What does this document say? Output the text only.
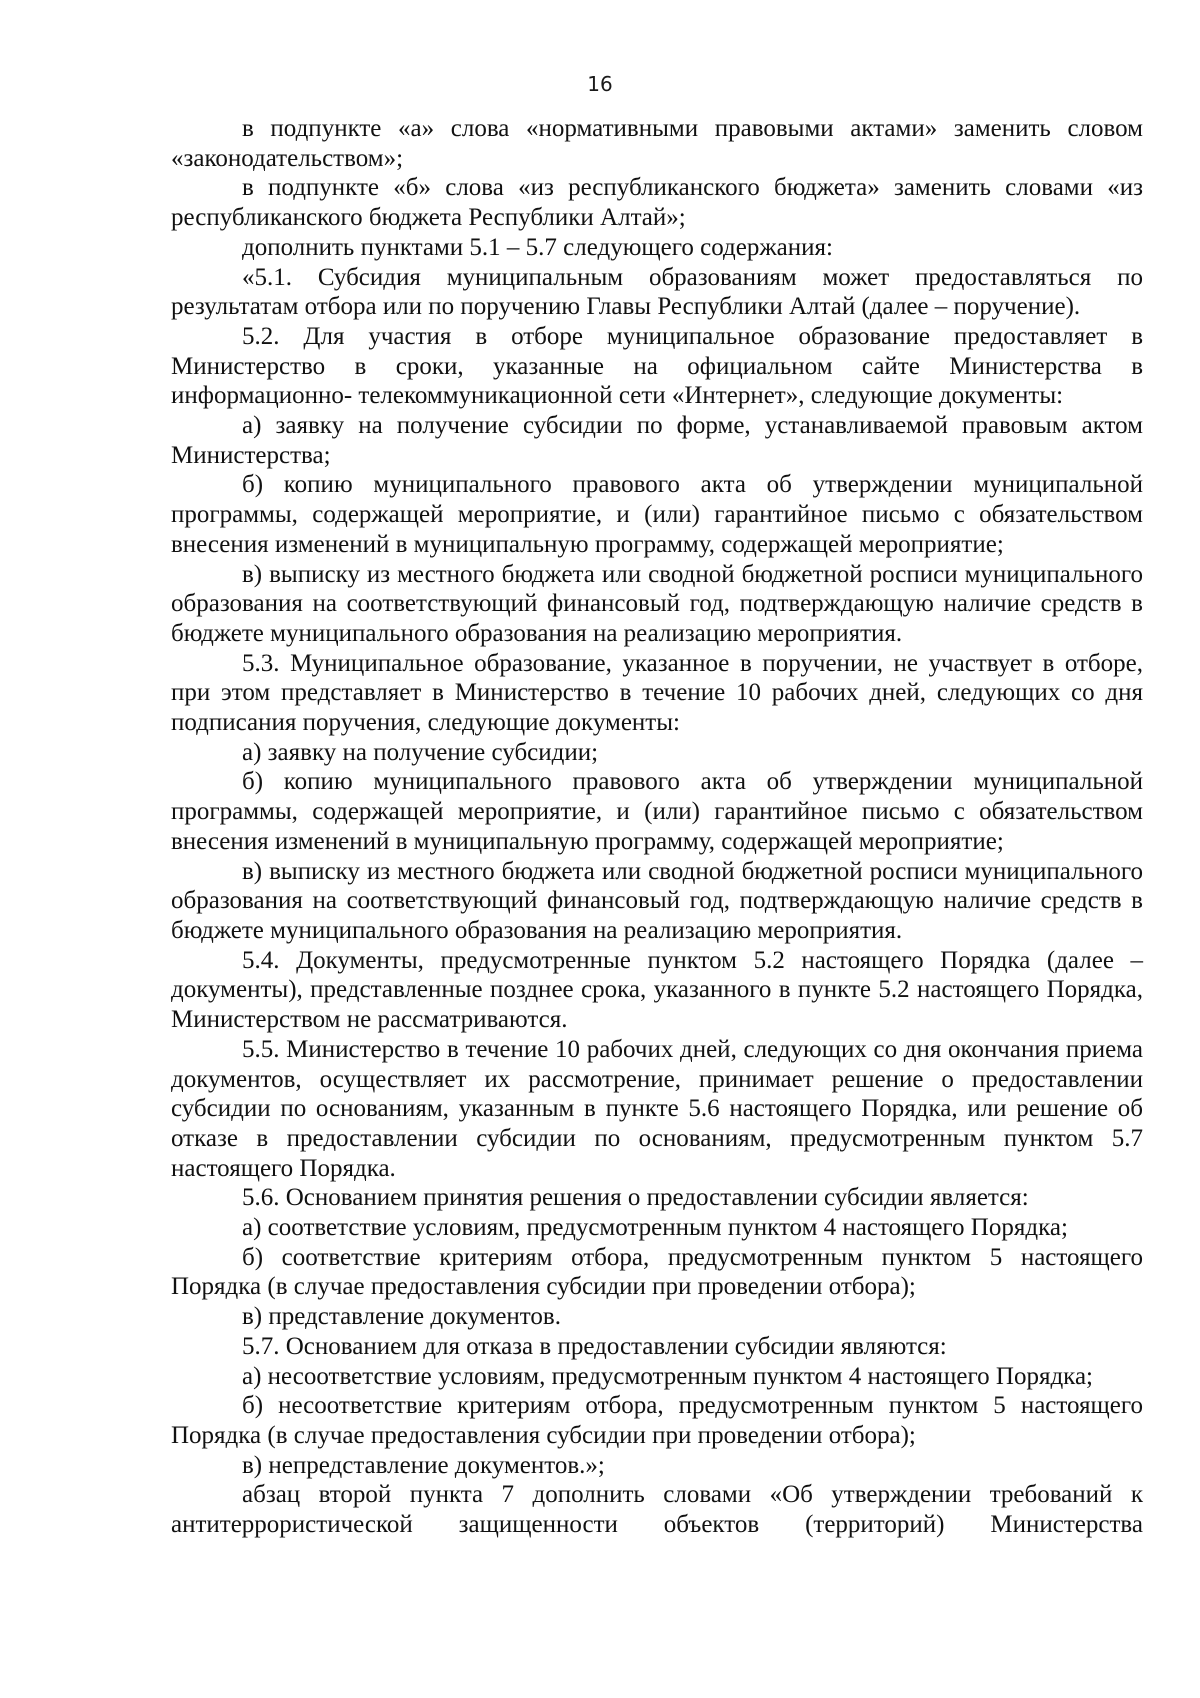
16

в подпункте «а» слова «нормативными правовыми актами» заменить словом «законодательством»;

в подпункте «б» слова «из республиканского бюджета» заменить словами «из республиканского бюджета Республики Алтай»;

дополнить пунктами 5.1 – 5.7 следующего содержания:

«5.1. Субсидия муниципальным образованиям может предоставляться по результатам отбора или по поручению Главы Республики Алтай (далее – поручение).

5.2. Для участия в отборе муниципальное образование предоставляет в Министерство в сроки, указанные на официальном сайте Министерства в информационно- телекоммуникационной сети «Интернет», следующие документы:

а) заявку на получение субсидии по форме, устанавливаемой правовым актом Министерства;

б) копию муниципального правового акта об утверждении муниципальной программы, содержащей мероприятие, и (или) гарантийное письмо с обязательством внесения изменений в муниципальную программу, содержащей мероприятие;

в) выписку из местного бюджета или сводной бюджетной росписи муниципального образования на соответствующий финансовый год, подтверждающую наличие средств в бюджете муниципального образования на реализацию мероприятия.

5.3. Муниципальное образование, указанное в поручении, не участвует в отборе, при этом представляет в Министерство в течение 10 рабочих дней, следующих со дня подписания поручения, следующие документы:

а) заявку на получение субсидии;

б) копию муниципального правового акта об утверждении муниципальной программы, содержащей мероприятие, и (или) гарантийное письмо с обязательством внесения изменений в муниципальную программу, содержащей мероприятие;

в) выписку из местного бюджета или сводной бюджетной росписи муниципального образования на соответствующий финансовый год, подтверждающую наличие средств в бюджете муниципального образования на реализацию мероприятия.

5.4. Документы, предусмотренные пунктом 5.2 настоящего Порядка (далее – документы), представленные позднее срока, указанного в пункте 5.2 настоящего Порядка, Министерством не рассматриваются.

5.5. Министерство в течение 10 рабочих дней, следующих со дня окончания приема документов, осуществляет их рассмотрение, принимает решение о предоставлении субсидии по основаниям, указанным в пункте 5.6 настоящего Порядка, или решение об отказе в предоставлении субсидии по основаниям, предусмотренным пунктом 5.7 настоящего Порядка.

5.6. Основанием принятия решения о предоставлении субсидии является:

а) соответствие условиям, предусмотренным пунктом 4 настоящего Порядка;

б) соответствие критериям отбора, предусмотренным пунктом 5 настоящего Порядка (в случае предоставления субсидии при проведении отбора);

в) представление документов.

5.7. Основанием для отказа в предоставлении субсидии являются:

а) несоответствие условиям, предусмотренным пунктом 4 настоящего Порядка;

б) несоответствие критериям отбора, предусмотренным пунктом 5 настоящего Порядка (в случае предоставления субсидии при проведении отбора);

в) непредставление документов.»;

абзац второй пункта 7 дополнить словами «Об утверждении требований к антитеррористической защищенности объектов (территорий) Министерства
